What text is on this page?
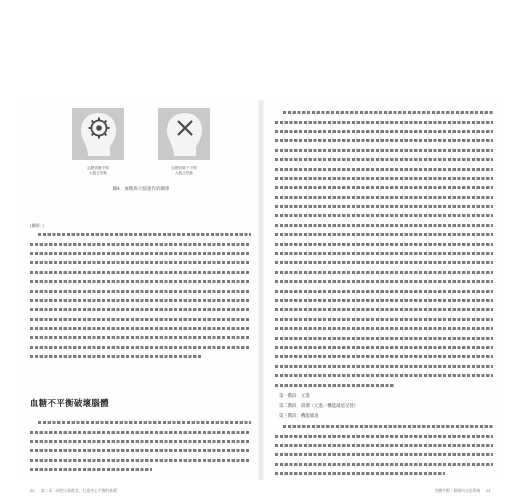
血糖供應平穩
大腦正常動
血糖供應不平穩
大腦正常動
圖4：血糖與大腦運作的關係
(攝影：)
血糖不平衡破壞腦體
60 第二章｜預想五穀飲食，打造身心平衡的基礎
第一階段：元進
第二階段：崩潰（元進／機能減退交替）
第三階段：機能減退
身體平衡｜腦與內分泌系統 61
